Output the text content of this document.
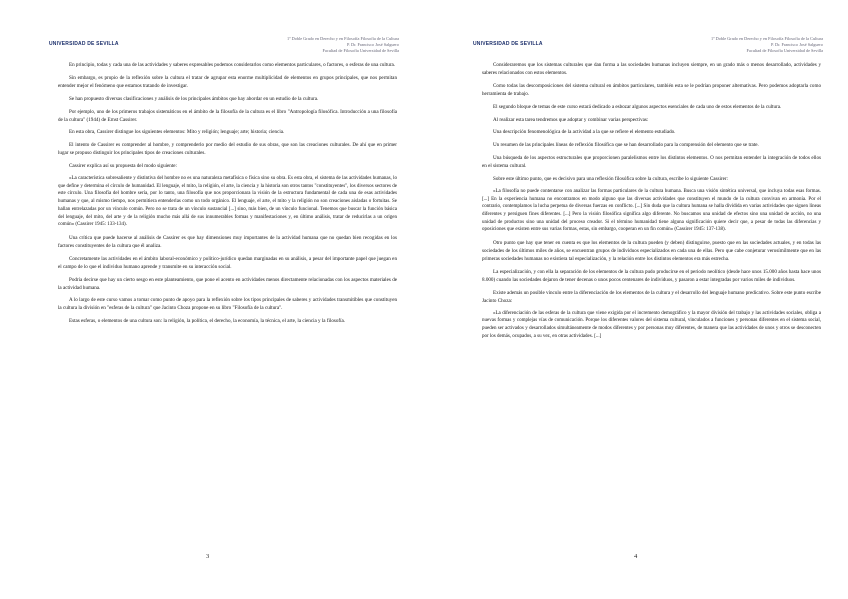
UNIVERSIDAD DE SEVILLA
1º Doble Grado en Derecho y en Filosofía Filosofía de la Cultura
P. Dr. Francisco José Salguero
Facultad de Filosofía Universidad de Sevilla

En principio, todas y cada una de las actividades y saberes expresables podemos considerarlos como elementos particulares, o factores, o esferas de una cultura.

Sin embargo, es propio de la reflexión sobre la cultura el tratar de agrupar esta enorme multiplicidad de elementos en grupos principales, que nos permitan entender mejor el fenómeno que estamos tratando de investigar.

Se han propuesto diversas clasificaciones y análisis de los principales ámbitos que hay abordar en un estudio de la cultura.

Por ejemplo, uno de los primeros trabajos sistemáticos en el ámbito de la filosofía de la cultura es el libro "Antropología filosófica. Introducción a una filosofía de la cultura" (1944) de Ernst Cassirer.

En esta obra, Cassirer distingue los siguientes elementos: Mito y religión; lenguaje; arte; historia; ciencia.

El intento de Cassirer es comprender al hombre, y comprenderlo por medio del estudio de sus obras, que son las creaciones culturales. De ahí que en primer lugar se propuso distinguir los principales tipos de creaciones culturales.

Cassirer explica así su propuesta del modo siguiente:

«La característica sobresaliente y distintiva del hombre no es una naturaleza metafísica o física sino su obra. Es esta obra, el sistema de las actividades humanas, lo que define y determina el círculo de humanidad. El lenguaje, el mito, la religión, el arte, la ciencia y la historia son otros tantos "constituyentes", los diversos sectores de este círculo. Una filosofía del hombre sería, por lo tanto, una filosofía que nos proporcionara la visión de la estructura fundamental de cada una de esas actividades humanas y que, al mismo tiempo, nos permitiera entenderlas como un todo orgánico. El lenguaje, el arte, el mito y la religión no son creaciones aisladas o fortuitas. Se hallan entrelazadas por un vínculo común. Pero no se trata de un vínculo sustancial [...] sino, más bien, de un vínculo funcional. Tenemos que buscar la función básica del lenguaje, del mito, del arte y de la religión mucho más allá de sus innumerables formas y manifestaciones y, en último análisis, tratar de reducirlas a un origen común» (Cassirer 1945: 133-134).

Una crítica que puede hacerse al análisis de Cassirer es que hay dimensiones muy importantes de la actividad humana que no quedan bien recogidas en los factores constituyentes de la cultura que él analiza.

Concretamente las actividades en el ámbito laboral-económico y político-jurídico quedan marginadas en su análisis, a pesar del importante papel que juegan en el campo de lo que el individuo humano aprende y transmite en su interacción social.

Podría decirse que hay un cierto sesgo en este planteamiento, que pone el acento en actividades menos directamente relacionadas con los aspectos materiales de la actividad humana.

A lo largo de este curso vamos a tomar como punto de apoyo para la reflexión sobre los tipos principales de saberes y actividades transmitibles que constituyen la cultura la división en "esferas de la cultura" que Jacinto Choza propone en su libro "Filosofía de la cultura".

Estas esferas, o elementos de una cultura son: la religión, la política, el derecho, la economía, la técnica, el arte, la ciencia y la filosofía.

3
UNIVERSIDAD DE SEVILLA
1º Doble Grado en Derecho y en Filosofía Filosofía de la Cultura
P. Dr. Francisco José Salguero
Facultad de Filosofía Universidad de Sevilla

Consideraremos que los sistemas culturales que dan forma a las sociedades humanas incluyen siempre, en un grado más o menos desarrollado, actividades y saberes relacionados con estos elementos.

Como todas las descomposiciones del sistema cultural en ámbitos particulares, también esta se le podrían proponer alternativas. Pero podemos adoptarla como herramienta de trabajo.

El segundo bloque de temas de este curso estará dedicado a esbozar algunos aspectos esenciales de cada uno de estos elementos de la cultura.

Al realizar esta tarea tendremos que adoptar y combinar varias perspectivas:

Una descripción fenomenológica de la actividad a la que se refiere el elemento estudiado.

Un resumen de las principales líneas de reflexión filosófica que se han desarrollado para la comprensión del elemento que se trate.

Una búsqueda de los aspectos estructurales que proporcionen paralelismos entre los distintos elementos. O nos permitan entender la integración de todos ellos en el sistema cultural.

Sobre este último punto, que es decisivo para una reflexión filosófica sobre la cultura, escribe lo siguiente Cassirer:

«La filosofía no puede contentarse con analizar las formas particulares de la cultura humana. Busca una visión sintética universal, que incluya todas esas formas. [...] En la experiencia humana no encontramos en modo alguno que las diversas actividades que constituyen el mundo de la cultura convivan en armonía. Por el contrario, contemplamos la lucha perpetua de diversas fuerzas en conflicto. [...] Sin duda que la cultura humana se halla dividida en varias actividades que siguen líneas diferentes y persiguen fines diferentes. [...] Pero la visión filosófica significa algo diferente. No buscamos una unidad de efectos sino una unidad de acción, no una unidad de productos sino una unidad del proceso creador. Si el término humanidad tiene alguna significación quiere decir que, a pesar de todas las diferencias y oposiciones que existen entre sus varias formas, estas, sin embargo, cooperan en un fin común» (Cassirer 1945: 137-138).

Otro punto que hay que tener en cuenta es que los elementos de la cultura pueden (y deben) distinguirse, puesto que en las sociedades actuales, y en todas las sociedades de los últimos miles de años, se encuentran grupos de individuos especializados en cada una de ellas. Pero que cabe conjeturar verosímilmente que en las primeras sociedades humanas no existiera tal especialización, y la relación entre los distintos elementos era más estrecha.

La especialización, y con ella la separación de los elementos de la cultura pudo producirse en el periodo neolítico (desde hace unos 15.000 años hasta hace unos 8.000) cuando las sociedades dejaron de tener decenas o unos pocos centenares de individuos, y pasaron a estar integradas por varios miles de individuos.

Existe además un posible vínculo entre la diferenciación de los elementos de la cultura y el desarrollo del lenguaje humano predicativo. Sobre este punto escribe Jacinto Choza:

«La diferenciación de las esferas de la cultura que viene exigida por el incremento demográfico y la mayor división del trabajo y las actividades sociales, obliga a nuevas formas y complejas vías de comunicación. Porque los diferentes valores del sistema cultural, vinculados a funciones y personas diferentes en el sistema social, pueden ser activados y desarrollados simultáneamente de modos diferentes y por personas muy diferentes, de manera que las actividades de unos y otros se desconecten por los demás, ocupados, a su vez, en otras actividades. [...]

4
